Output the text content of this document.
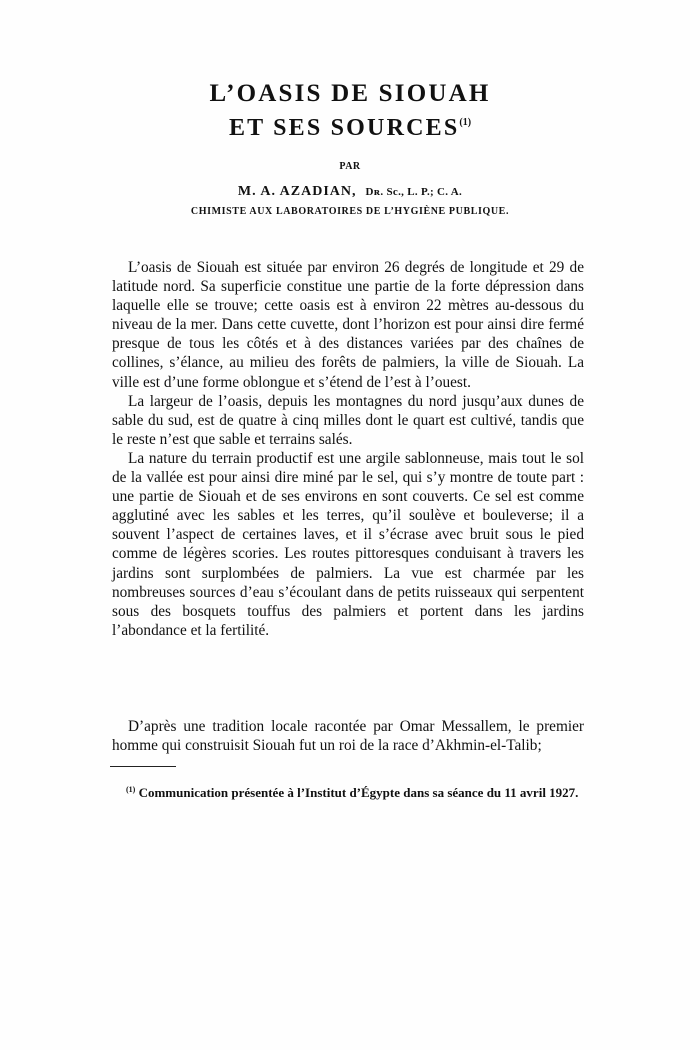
L’OASIS DE SIOUAH
ET SES SOURCES$^{(1)}$
PAR
M. A. AZADIAN, Dʀ. Sc., L. P.; C. A.
CHIMISTE AUX LABORATOIRES DE L’HYGIÈNE PUBLIQUE.

L’oasis de Siouah est située par environ 26 degrés de longitude et 29 de latitude nord. Sa superficie constitue une partie de la forte dépression dans laquelle elle se trouve; cette oasis est à environ 22 mètres au-dessous du niveau de la mer. Dans cette cuvette, dont l’horizon est pour ainsi dire fermé presque de tous les côtés et à des distances variées par des chaînes de collines, s’élance, au milieu des forêts de palmiers, la ville de Siouah. La ville est d’une forme oblongue et s’étend de l’est à l’ouest.

La largeur de l’oasis, depuis les montagnes du nord jusqu’aux dunes de sable du sud, est de quatre à cinq milles dont le quart est cultivé, tandis que le reste n’est que sable et terrains salés.

La nature du terrain productif est une argile sablonneuse, mais tout le sol de la vallée est pour ainsi dire miné par le sel, qui s’y montre de toute part : une partie de Siouah et de ses environs en sont couverts. Ce sel est comme agglutiné avec les sables et les terres, qu’il soulève et bouleverse; il a souvent l’aspect de certaines laves, et il s’écrase avec bruit sous le pied comme de légères scories. Les routes pittoresques conduisant à travers les jardins sont surplombées de palmiers. La vue est charmée par les nombreuses sources d’eau s’écoulant dans de petits ruisseaux qui serpentent sous des bosquets touffus des palmiers et portent dans les jardins l’abondance et la fertilité.

D’après une tradition locale racontée par Omar Messallem, le premier homme qui construisit Siouah fut un roi de la race d’Akhmin-el-Talib;

$^{(1)}$ Communication présentée à l’Institut d’Égypte dans sa séance du 11 avril 1927.
